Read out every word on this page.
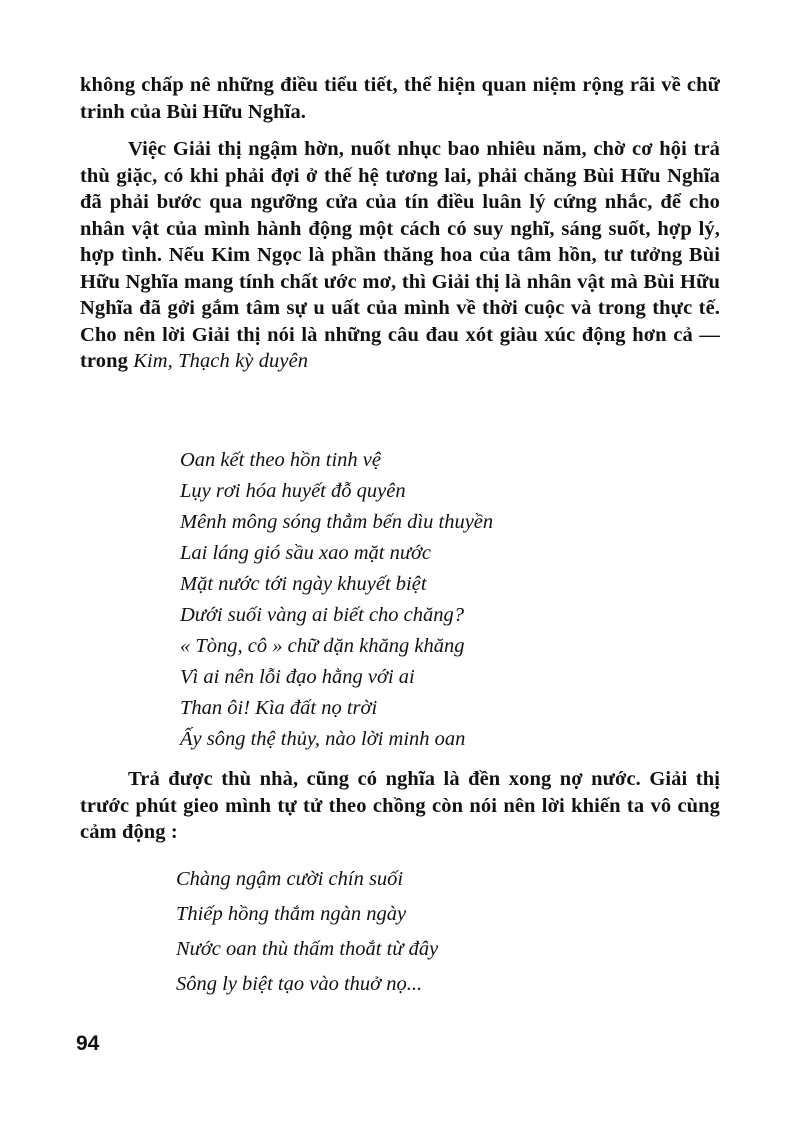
không chấp nê những điều tiểu tiết, thể hiện quan niệm rộng rãi về chữ trinh của Bùi Hữu Nghĩa.

Việc Giải thị ngậm hờn, nuốt nhục bao nhiêu năm, chờ cơ hội trả thù giặc, có khi phải đợi ở thế hệ tương lai, phải chăng Bùi Hữu Nghĩa đã phải bước qua ngưỡng cửa của tín điều luân lý cứng nhắc, để cho nhân vật của mình hành động một cách có suy nghĩ, sáng suốt, hợp lý, hợp tình. Nếu Kim Ngọc là phần thăng hoa của tâm hồn, tư tưởng Bùi Hữu Nghĩa mang tính chất ước mơ, thì Giải thị là nhân vật mà Bùi Hữu Nghĩa đã gởi gắm tâm sự u uất của mình về thời cuộc và trong thực tế. Cho nên lời Giải thị nói là những câu đau xót giàu xúc động hơn cả — trong Kim, Thạch kỳ duyên

Oan kết theo hồn tinh vệ
Lụy rơi hóa huyết đỗ quyên
Mênh mông sóng thẳm bến dìu thuyền
Lai láng gió sầu xao mặt nước
Mặt nước tới ngày khuyết biệt
Dưới suối vàng ai biết cho chăng?
« Tòng, cô » chữ dặn khăng khăng
Vì ai nên lỗi đạo hằng với ai
Than ôi! Kìa đất nọ trời
Ấy sông thệ thủy, nào lời minh oan

Trả được thù nhà, cũng có nghĩa là đền xong nợ nước. Giải thị trước phút gieo mình tự tử theo chồng còn nói nên lời khiến ta vô cùng cảm động :

Chàng ngậm cười chín suối
Thiếp hồng thắm ngàn ngày
Nước oan thù thấm thoắt từ đây
Sông ly biệt tạo vào thuở nọ...
94
